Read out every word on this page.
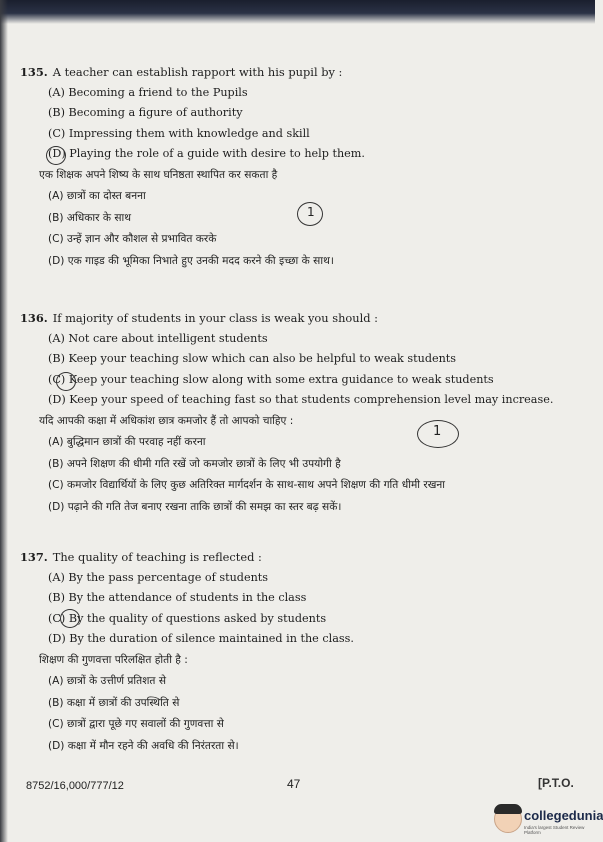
135. A teacher can establish rapport with his pupil by :
(A) Becoming a friend to the Pupils
(B) Becoming a figure of authority
(C) Impressing them with knowledge and skill
(D) Playing the role of a guide with desire to help them.
एक शिक्षक अपने शिष्य के साथ घनिष्ठता स्थापित कर सकता है
(A) छात्रों का दोस्त बनना
(B) अधिकार के साथ
(C) उन्हें ज्ञान और कौशल से प्रभावित करके
(D) एक गाइड की भूमिका निभाते हुए उनकी मदद करने की इच्छा के साथ।
1
136. If majority of students in your class is weak you should :
(A) Not care about intelligent students
(B) Keep your teaching slow which can also be helpful to weak students
(C) Keep your teaching slow along with some extra guidance to weak students
(D) Keep your speed of teaching fast so that students comprehension level may increase.
यदि आपकी कक्षा में अधिकांश छात्र कमजोर हैं तो आपको चाहिए :
(A) बुद्धिमान छात्रों की परवाह नहीं करना
(B) अपने शिक्षण की धीमी गति रखें जो कमजोर छात्रों के लिए भी उपयोगी है
(C) कमजोर विद्यार्थियों के लिए कुछ अतिरिक्त मार्गदर्शन के साथ-साथ अपने शिक्षण की गति धीमी रखना
(D) पढ़ाने की गति तेज बनाए रखना ताकि छात्रों की समझ का स्तर बढ़ सकें।
1
137. The quality of teaching is reflected :
(A) By the pass percentage of students
(B) By the attendance of students in the class
(C) By the quality of questions asked by students
(D) By the duration of silence maintained in the class.
शिक्षण की गुणवत्ता परिलक्षित होती है :
(A) छात्रों के उत्तीर्ण प्रतिशत से
(B) कक्षा में छात्रों की उपस्थिति से
(C) छात्रों द्वारा पूछे गए सवालों की गुणवत्ता से
(D) कक्षा में मौन रहने की अवधि की निरंतरता से।
8752/16,000/777/12	47	[P.T.O.
collegedunia
India's largest Student Review Platform
